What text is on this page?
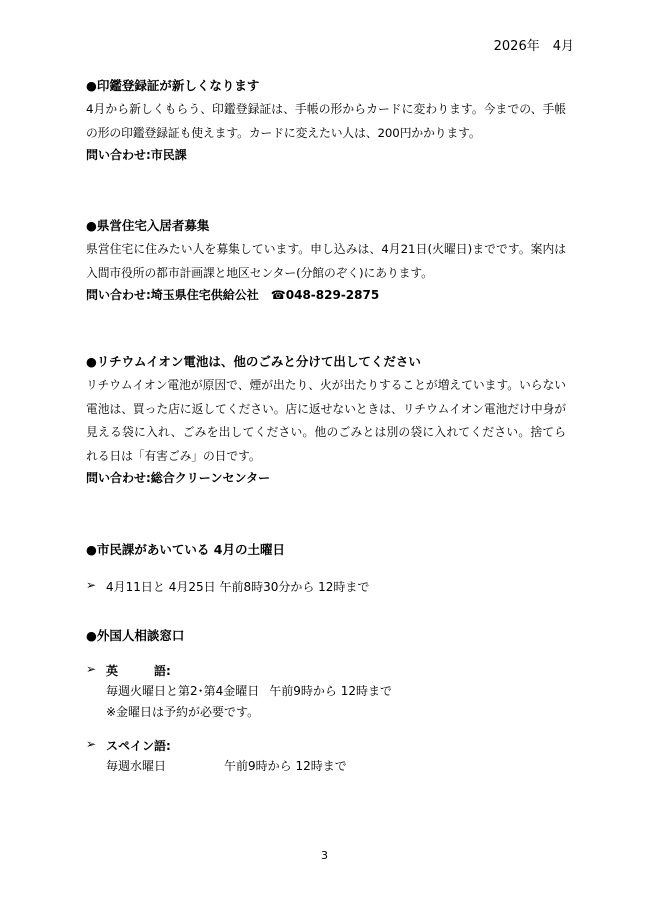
2026年　4月

●印鑑登録証が新しくなります

4月から新しくもらう、印鑑登録証は、手帳の形からカードに変わります。今までの、手帳の形の印鑑登録証も使えます。カードに変えたい人は、200円かかります。

問い合わせ:市民課

●県営住宅入居者募集

県営住宅に住みたい人を募集しています。申し込みは、4月21日(火曜日)までです。案内は入間市役所の都市計画課と地区センター(分館のぞく)にあります。

問い合わせ:埼玉県住宅供給公社　☎048-829-2875

●リチウムイオン電池は、他のごみと分けて出してください

リチウムイオン電池が原因で、煙が出たり、火が出たりすることが増えています。いらない電池は、買った店に返してください。店に返せないときは、リチウムイオン電池だけ中身が見える袋に入れ、ごみを出してください。他のごみとは別の袋に入れてください。捨てられる日は「有害ごみ」の日です。

問い合わせ:総合クリーンセンター

●市民課があいている 4月の土曜日

➢ 4月11日と 4月25日 午前8時30分から 12時まで

●外国人相談窓口

➢ 英　　　語:
毎週火曜日と第2･第4金曜日 午前9時から 12時まで
※金曜日は予約が必要です。
➢ スペイン語:
毎週水曜日	午前9時から 12時まで
3
